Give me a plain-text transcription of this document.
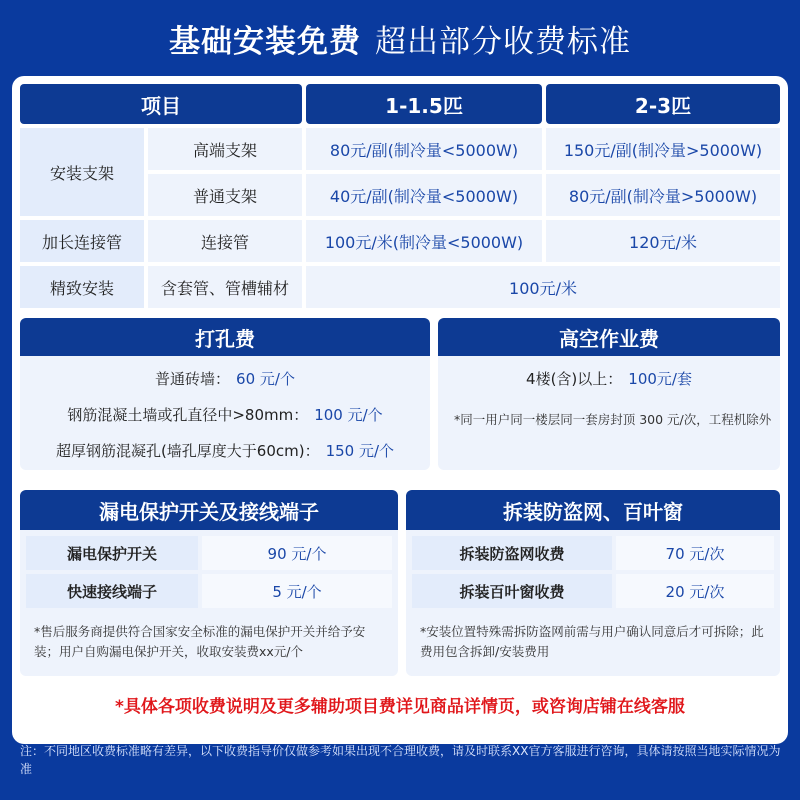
基础安装免费 超出部分收费标准
项目	1-1.5匹	2-3匹
安装支架
高端支架	80元/副(制冷量<5000W)	150元/副(制冷量>5000W)
普通支架	40元/副(制冷量<5000W)	80元/副(制冷量>5000W)
加长连接管	连接管	100元/米(制冷量<5000W)	120元/米
精致安装	含套管、管槽辅材	100元/米
打孔费
普通砖墙： 60 元/个
钢筋混凝土墙或孔直径中>80mm： 100 元/个
超厚钢筋混凝孔(墙孔厚度大于60cm)： 150 元/个
高空作业费
4楼(含)以上： 100元/套
*同一用户同一楼层同一套房封顶 300 元/次，工程机除外
漏电保护开关及接线端子
漏电保护开关	90 元/个
快速接线端子	5 元/个
*售后服务商提供符合国家安全标准的漏电保护开关并给予安装；用户自购漏电保护开关，收取安装费xx元/个
拆装防盗网、百叶窗
拆装防盗网收费	70 元/次
拆装百叶窗收费	20 元/次
*安装位置特殊需拆防盗网前需与用户确认同意后才可拆除；此费用包含拆卸/安装费用
*具体各项收费说明及更多辅助项目费详见商品详情页，或咨询店铺在线客服
注：不同地区收费标准略有差异，以下收费指导价仅做参考如果出现不合理收费，请及时联系XX官方客服进行咨询，具体请按照当地实际情况为准
